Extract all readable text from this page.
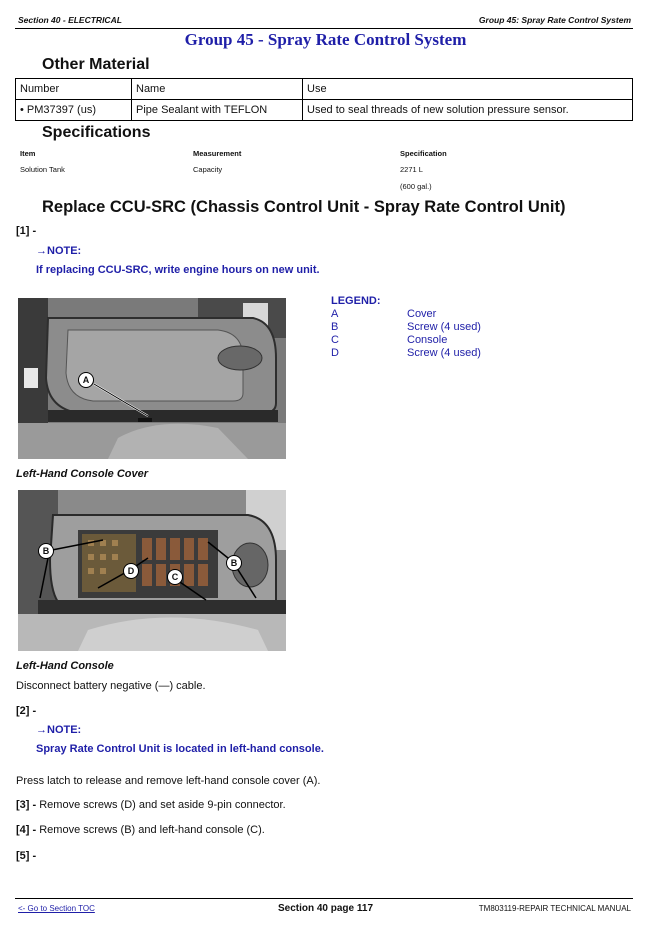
Section 40 - ELECTRICAL	Group 45: Spray Rate Control System
Group 45 - Spray Rate Control System
Other Material
Number	Name	Use
• PM37397 (us)	Pipe Sealant with TEFLON	Used to seal threads of new solution pressure sensor.
Specifications
Item	Measurement	Specification
Solution Tank	Capacity	2271 L
(600 gal.)
Replace CCU-SRC (Chassis Control Unit - Spray Rate Control Unit)
[1] -
→NOTE:
If replacing CCU-SRC, write engine hours on new unit.
A
LEGEND:
A	Cover
B	Screw (4 used)
C	Console
D	Screw (4 used)
Left-Hand Console Cover
B
D
C
B
Left-Hand Console
Disconnect battery negative (—) cable.
[2] -
→NOTE:
Spray Rate Control Unit is located in left-hand console.
Press latch to release and remove left-hand console cover (A).
[3] - Remove screws (D) and set aside 9-pin connector.
[4] - Remove screws (B) and left-hand console (C).
[5] -
<- Go to Section TOC	Section 40 page 117	TM803119-REPAIR TECHNICAL MANUAL
